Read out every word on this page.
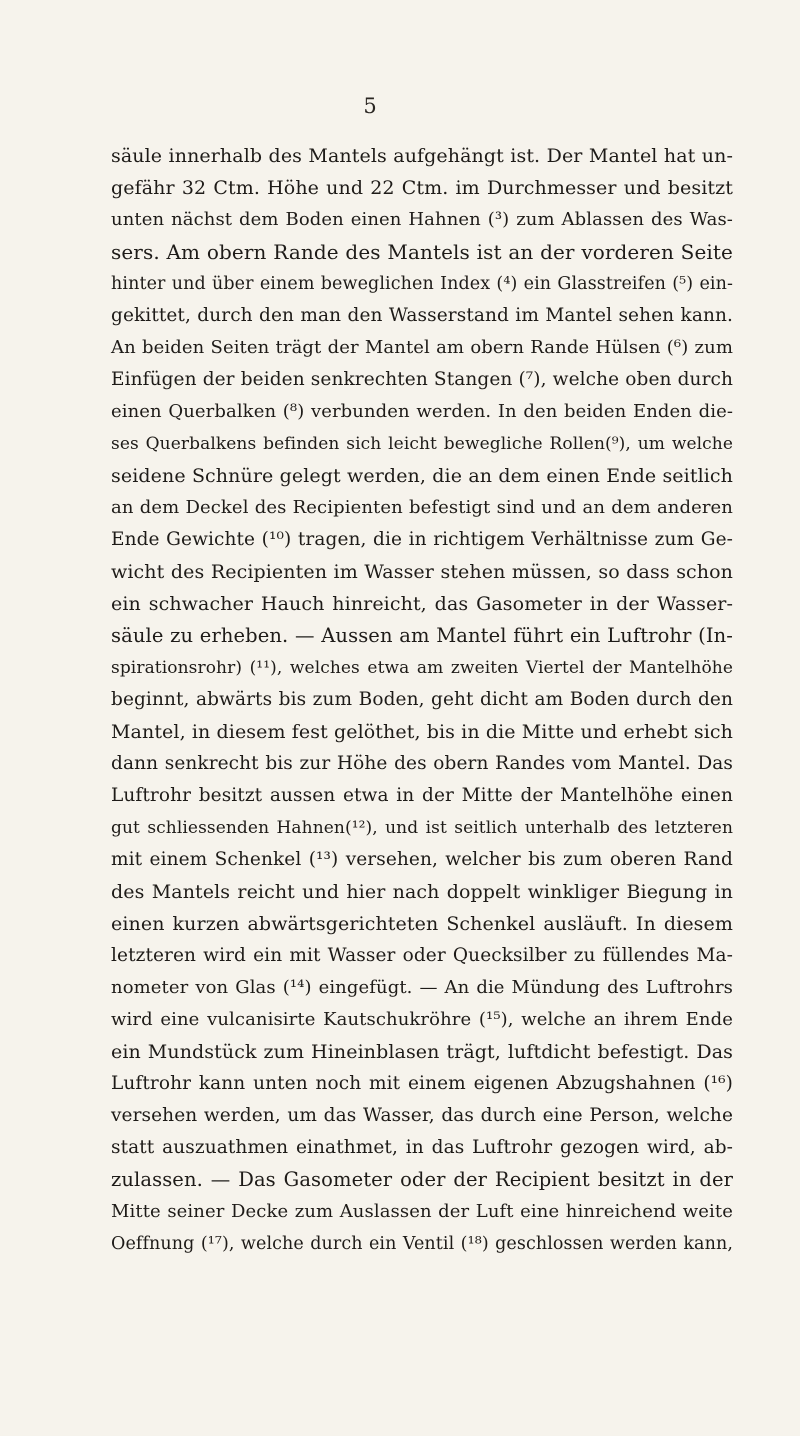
5
säule innerhalb des Mantels aufgehängt ist. Der Mantel hat un-
gefähr 32 Ctm. Höhe und 22 Ctm. im Durchmesser und besitzt
unten nächst dem Boden einen Hahnen (³) zum Ablassen des Was-
sers. Am obern Rande des Mantels ist an der vorderen Seite
hinter und über einem beweglichen Index (⁴) ein Glasstreifen (⁵) ein-
gekittet, durch den man den Wasserstand im Mantel sehen kann.
An beiden Seiten trägt der Mantel am obern Rande Hülsen (⁶) zum
Einfügen der beiden senkrechten Stangen (⁷), welche oben durch
einen Querbalken (⁸) verbunden werden. In den beiden Enden die-
ses Querbalkens befinden sich leicht bewegliche Rollen(⁹), um welche
seidene Schnüre gelegt werden, die an dem einen Ende seitlich
an dem Deckel des Recipienten befestigt sind und an dem anderen
Ende Gewichte (¹⁰) tragen, die in richtigem Verhältnisse zum Ge-
wicht des Recipienten im Wasser stehen müssen, so dass schon
ein schwacher Hauch hinreicht, das Gasometer in der Wasser-
säule zu erheben. — Aussen am Mantel führt ein Luftrohr (In-
spirationsrohr) (¹¹), welches etwa am zweiten Viertel der Mantelhöhe
beginnt, abwärts bis zum Boden, geht dicht am Boden durch den
Mantel, in diesem fest gelöthet, bis in die Mitte und erhebt sich
dann senkrecht bis zur Höhe des obern Randes vom Mantel. Das
Luftrohr besitzt aussen etwa in der Mitte der Mantelhöhe einen
gut schliessenden Hahnen(¹²), und ist seitlich unterhalb des letzteren
mit einem Schenkel (¹³) versehen, welcher bis zum oberen Rand
des Mantels reicht und hier nach doppelt winkliger Biegung in
einen kurzen abwärtsgerichteten Schenkel ausläuft. In diesem
letzteren wird ein mit Wasser oder Quecksilber zu füllendes Ma-
nometer von Glas (¹⁴) eingefügt. — An die Mündung des Luftrohrs
wird eine vulcanisirte Kautschukröhre (¹⁵), welche an ihrem Ende
ein Mundstück zum Hineinblasen trägt, luftdicht befestigt. Das
Luftrohr kann unten noch mit einem eigenen Abzugshahnen (¹⁶)
versehen werden, um das Wasser, das durch eine Person, welche
statt auszuathmen einathmet, in das Luftrohr gezogen wird, ab-
zulassen. — Das Gasometer oder der Recipient besitzt in der
Mitte seiner Decke zum Auslassen der Luft eine hinreichend weite
Oeffnung (¹⁷), welche durch ein Ventil (¹⁸) geschlossen werden kann,
